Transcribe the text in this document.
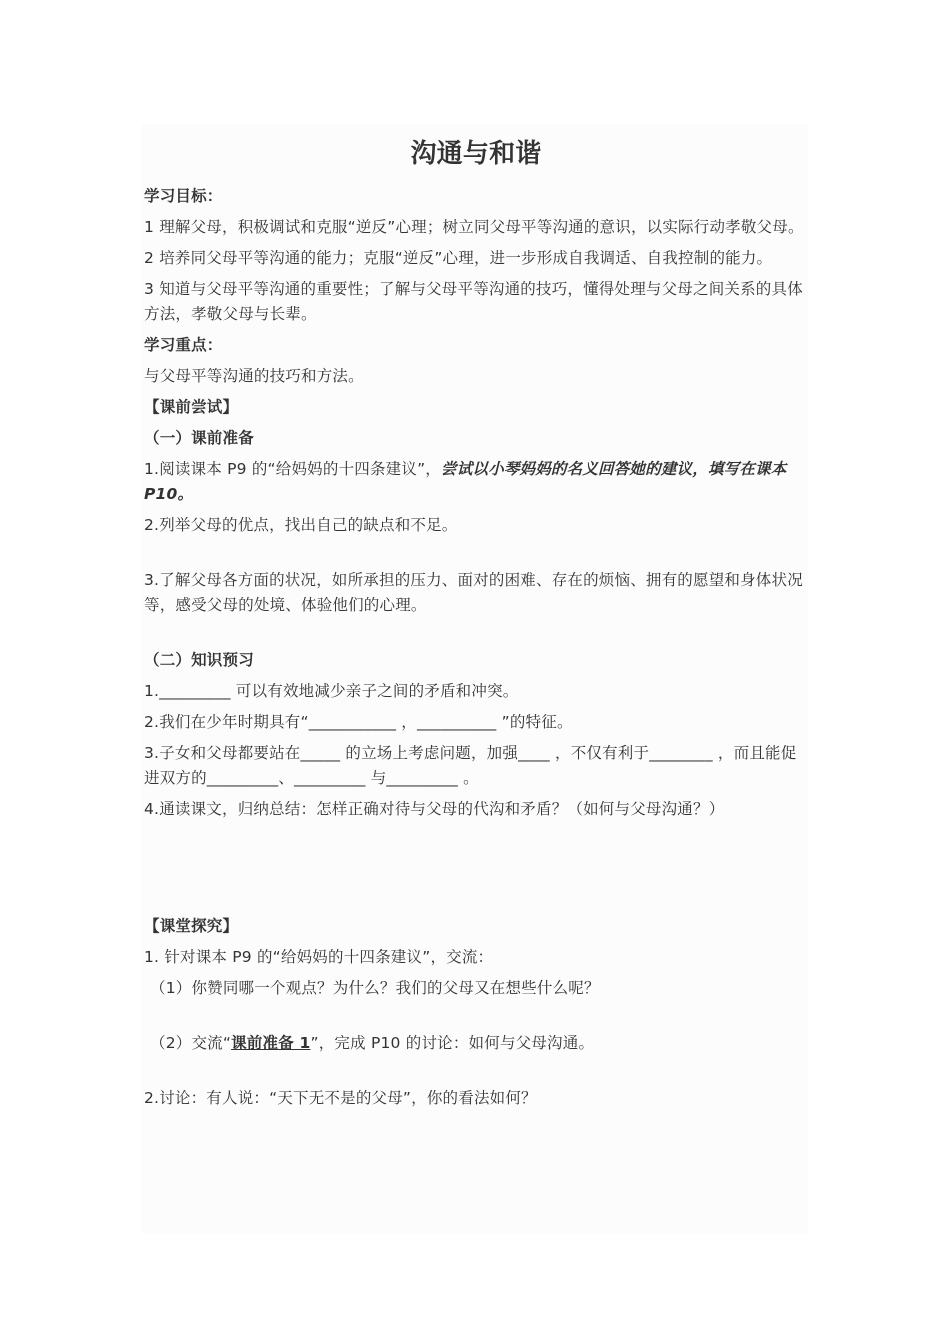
沟通与和谐

学习目标：

1 理解父母，积极调试和克服“逆反”心理；树立同父母平等沟通的意识，以实际行动孝敬父母。

2 培养同父母平等沟通的能力；克服“逆反”心理，进一步形成自我调适、自我控制的能力。

3 知道与父母平等沟通的重要性；了解与父母平等沟通的技巧，懂得处理与父母之间关系的具体方法，孝敬父母与长辈。

学习重点：

与父母平等沟通的技巧和方法。

【课前尝试】

（一）课前准备

1.阅读课本 P9 的“给妈妈的十四条建议”，尝试以小琴妈妈的名义回答她的建议，填写在课本 P10。

2.列举父母的优点，找出自己的缺点和不足。

3.了解父母各方面的状况，如所承担的压力、面对的困难、存在的烦恼、拥有的愿望和身体状况等，感受父母的处境、体验他们的心理。

（二）知识预习

1._________ 可以有效地减少亲子之间的矛盾和冲突。

2.我们在少年时期具有“___________ ，__________ ”的特征。

3.子女和父母都要站在_____ 的立场上考虑问题，加强____ ，不仅有利于________ ，而且能促进双方的_________、_________ 与_________ 。

4.通读课文，归纳总结：怎样正确对待与父母的代沟和矛盾？（如何与父母沟通？）

【课堂探究】

1. 针对课本 P9 的“给妈妈的十四条建议”，交流：

（1）你赞同哪一个观点？为什么？我们的父母又在想些什么呢？

（2）交流“课前准备 1”，完成 P10 的讨论：如何与父母沟通。

2.讨论：有人说：“天下无不是的父母”，你的看法如何？
